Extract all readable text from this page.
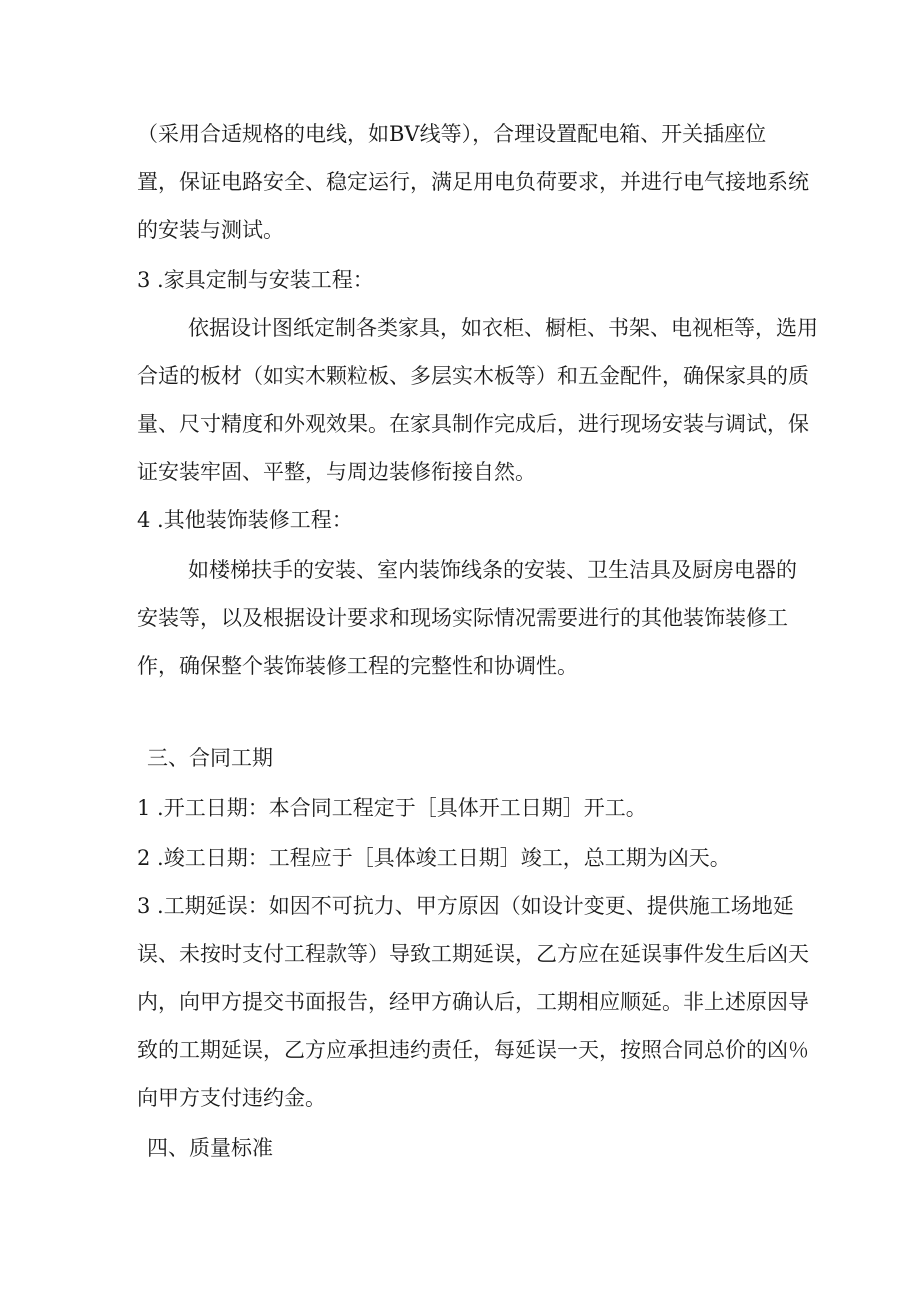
（采用合适规格的电线，如BV线等），合理设置配电箱、开关插座位
置，保证电路安全、稳定运行，满足用电负荷要求，并进行电气接地系统
的安装与测试。
3 .家具定制与安装工程：
依据设计图纸定制各类家具，如衣柜、橱柜、书架、电视柜等，选用
合适的板材（如实木颗粒板、多层实木板等）和五金配件，确保家具的质
量、尺寸精度和外观效果。在家具制作完成后，进行现场安装与调试，保
证安装牢固、平整，与周边装修衔接自然。
4 .其他装饰装修工程：
如楼梯扶手的安装、室内装饰线条的安装、卫生洁具及厨房电器的
安装等，以及根据设计要求和现场实际情况需要进行的其他装饰装修工
作，确保整个装饰装修工程的完整性和协调性。
三、合同工期
1 .开工日期：本合同工程定于［具体开工日期］开工。
2 .竣工日期：工程应于［具体竣工日期］竣工，总工期为凶天。
3 .工期延误：如因不可抗力、甲方原因（如设计变更、提供施工场地延
误、未按时支付工程款等）导致工期延误，乙方应在延误事件发生后凶天
内，向甲方提交书面报告，经甲方确认后，工期相应顺延。非上述原因导
致的工期延误，乙方应承担违约责任，每延误一天，按照合同总价的凶％
向甲方支付违约金。
四、质量标准
